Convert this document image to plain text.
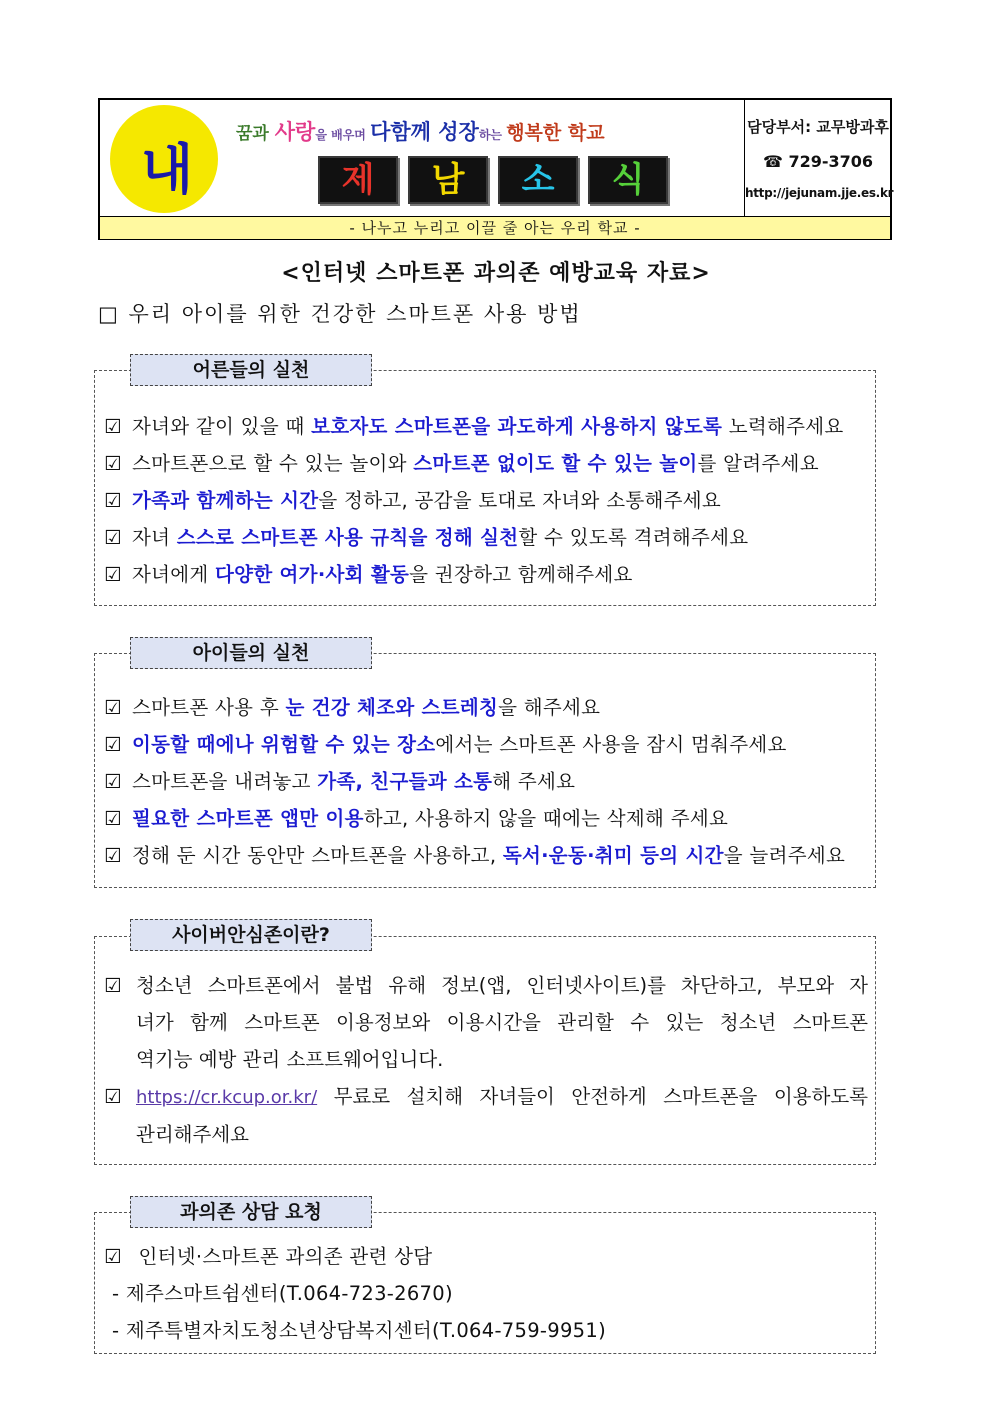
내
꿈과 사랑을 배우며 다함께 성장하는 행복한 학교
제	남	소	식
담당부서: 교무방과후
☎ 729-3706
http://jejunam.jje.es.kr
- 나누고 누리고 이끌 줄 아는 우리 학교 -
<인터넷 스마트폰 과의존 예방교육 자료>
□ 우리 아이를 위한 건강한 스마트폰 사용 방법
어른들의 실천
☑ 자녀와 같이 있을 때 보호자도 스마트폰을 과도하게 사용하지 않도록 노력해주세요
☑ 스마트폰으로 할 수 있는 놀이와 스마트폰 없이도 할 수 있는 놀이를 알려주세요
☑ 가족과 함께하는 시간을 정하고, 공감을 토대로 자녀와 소통해주세요
☑ 자녀 스스로 스마트폰 사용 규칙을 정해 실천할 수 있도록 격려해주세요
☑ 자녀에게 다양한 여가·사회 활동을 권장하고 함께해주세요
아이들의 실천
☑ 스마트폰 사용 후 눈 건강 체조와 스트레칭을 해주세요
☑ 이동할 때에나 위험할 수 있는 장소에서는 스마트폰 사용을 잠시 멈춰주세요
☑ 스마트폰을 내려놓고 가족, 친구들과 소통해 주세요
☑ 필요한 스마트폰 앱만 이용하고, 사용하지 않을 때에는 삭제해 주세요
☑ 정해 둔 시간 동안만 스마트폰을 사용하고, 독서·운동·취미 등의 시간을 늘려주세요
사이버안심존이란?
☑ 청소년 스마트폰에서 불법 유해 정보(앱, 인터넷사이트)를 차단하고, 부모와 자
녀가 함께 스마트폰 이용정보와 이용시간을 관리할 수 있는 청소년 스마트폰
역기능 예방 관리 소프트웨어입니다.
☑ https://cr.kcup.or.kr/ 무료로 설치해 자녀들이 안전하게 스마트폰을 이용하도록
관리해주세요
과의존 상담 요청
☑ 인터넷·스마트폰 과의존 관련 상담
- 제주스마트쉼센터(T.064-723-2670)
- 제주특별자치도청소년상담복지센터(T.064-759-9951)
